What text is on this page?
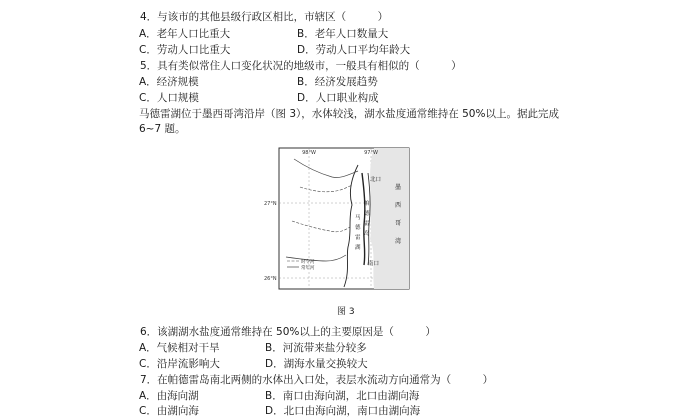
4．与该市的其他县级行政区相比，市辖区（　　　）
A．老年人口比重大	B．老年人口数量大
C．劳动人口比重大	D．劳动人口平均年龄大
5．具有类似常住人口变化状况的地级市，一般具有相似的（　　　）
A．经济规模	B．经济发展趋势
C．人口规模	D．人口职业构成
马德雷湖位于墨西哥湾沿岸（图 3），水体较浅，湖水盐度通常维持在 50%以上。据此完成
6~7 题。
98°W	97°W
27°N
26°N
北口
南口
帕
德
雷
岛
马
德
雷
湖
墨
西
哥
湾
时令河
常年河
图 3
6．该湖湖水盐度通常维持在 50%以上的主要原因是（　　　）
A．气候相对干旱	B．河流带来盐分较多
C．沿岸流影响大	D．湖海水量交换较大
7．在帕德雷岛南北两侧的水体出入口处，表层水流动方向通常为（　　　）
A．由海向湖	B．南口由海向湖，北口由湖向海
C．由湖向海	D．北口由海向湖，南口由湖向海
